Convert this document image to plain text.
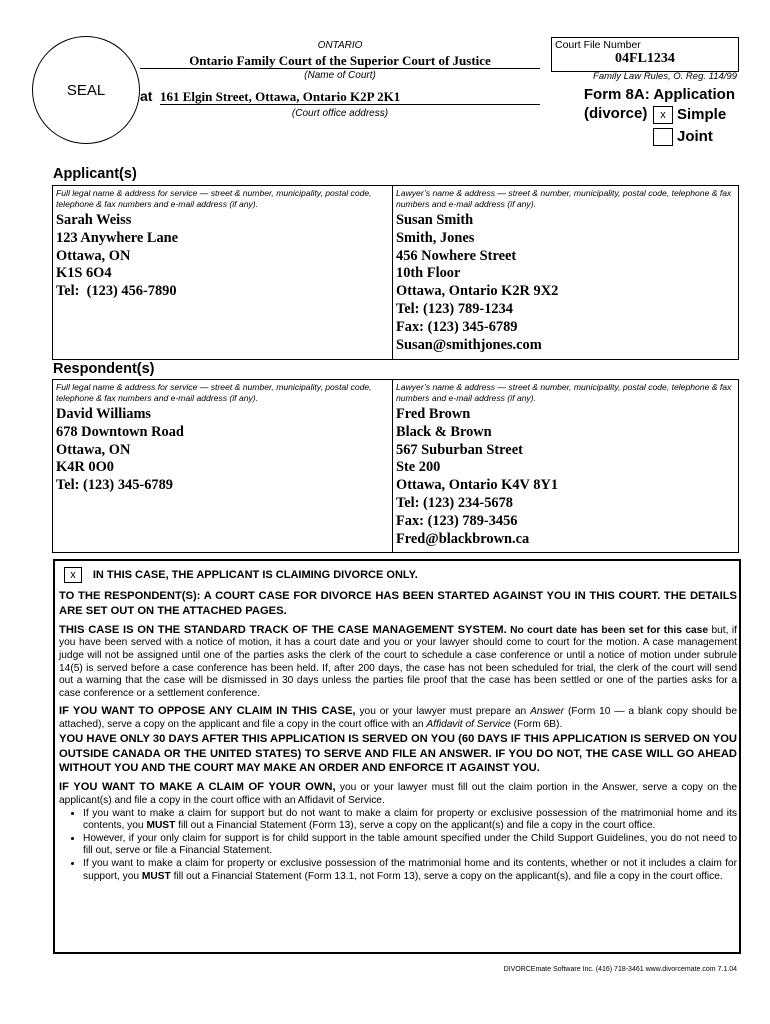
ONTARIO
Ontario Family Court of the Superior Court of Justice
(Name of Court)
SEAL at 161 Elgin Street, Ottawa, Ontario K2P 2K1
(Court office address)
Court File Number
04FL1234
Family Law Rules, O. Reg. 114/99
Form 8A: Application
(divorce)	x Simple
Joint
Applicant(s)
Full legal name & address for service — street & number, municipality, postal code, telephone & fax numbers and e-mail address (if any).
Sarah Weiss
123 Anywhere Lane
Ottawa, ON
K1S 6O4
Tel:  (123) 456-7890
Lawyer’s name & address — street & number, municipality, postal code, telephone & fax numbers and e-mail address (if any).
Susan Smith
Smith, Jones
456 Nowhere Street
10th Floor
Ottawa, Ontario K2R 9X2
Tel: (123) 789-1234
Fax: (123) 345-6789
Susan@smithjones.com
Respondent(s)
Full legal name & address for service — street & number, municipality, postal code, telephone & fax numbers and e-mail address (if any).
David Williams
678 Downtown Road
Ottawa, ON
K4R 0O0
Tel: (123) 345-6789
Lawyer’s name & address — street & number, municipality, postal code, telephone & fax numbers and e-mail address (if any).
Fred Brown
Black & Brown
567 Suburban Street
Ste 200
Ottawa, Ontario K4V 8Y1
Tel: (123) 234-5678
Fax: (123) 789-3456
Fred@blackbrown.ca
x IN THIS CASE, THE APPLICANT IS CLAIMING DIVORCE ONLY.

TO THE RESPONDENT(S): A COURT CASE FOR DIVORCE HAS BEEN STARTED AGAINST YOU IN THIS COURT. THE DETAILS ARE SET OUT ON THE ATTACHED PAGES.

THIS CASE IS ON THE STANDARD TRACK OF THE CASE MANAGEMENT SYSTEM. No court date has been set for this case but, if you have been served with a notice of motion, it has a court date and you or your lawyer should come to court for the motion. A case management judge will not be assigned until one of the parties asks the clerk of the court to schedule a case conference or until a notice of motion under subrule 14(5) is served before a case conference has been held. If, after 200 days, the case has not been scheduled for trial, the clerk of the court will send out a warning that the case will be dismissed in 30 days unless the parties file proof that the case has been settled or one of the parties asks for a case conference or a settlement conference.

IF YOU WANT TO OPPOSE ANY CLAIM IN THIS CASE, you or your lawyer must prepare an Answer (Form 10 — a blank copy should be attached), serve a copy on the applicant and file a copy in the court office with an Affidavit of Service (Form 6B).

YOU HAVE ONLY 30 DAYS AFTER THIS APPLICATION IS SERVED ON YOU (60 DAYS IF THIS APPLICATION IS SERVED ON YOU OUTSIDE CANADA OR THE UNITED STATES) TO SERVE AND FILE AN ANSWER. IF YOU DO NOT, THE CASE WILL GO AHEAD WITHOUT YOU AND THE COURT MAY MAKE AN ORDER AND ENFORCE IT AGAINST YOU.

IF YOU WANT TO MAKE A CLAIM OF YOUR OWN, you or your lawyer must fill out the claim portion in the Answer, serve a copy on the applicant(s) and file a copy in the court office with an Affidavit of Service.

• If you want to make a claim for support but do not want to make a claim for property or exclusive possession of the matrimonial home and its contents, you MUST fill out a Financial Statement (Form 13), serve a copy on the applicant(s) and file a copy in the court office.
• However, if your only claim for support is for child support in the table amount specified under the Child Support Guidelines, you do not need to fill out, serve or file a Financial Statement.
• If you want to make a claim for property or exclusive possession of the matrimonial home and its contents, whether or not it includes a claim for support, you MUST fill out a Financial Statement (Form 13.1, not Form 13), serve a copy on the applicant(s), and file a copy in the court office.
DIVORCEmate Software Inc. (416) 718-3461 www.divorcemate.com 7.1.04
